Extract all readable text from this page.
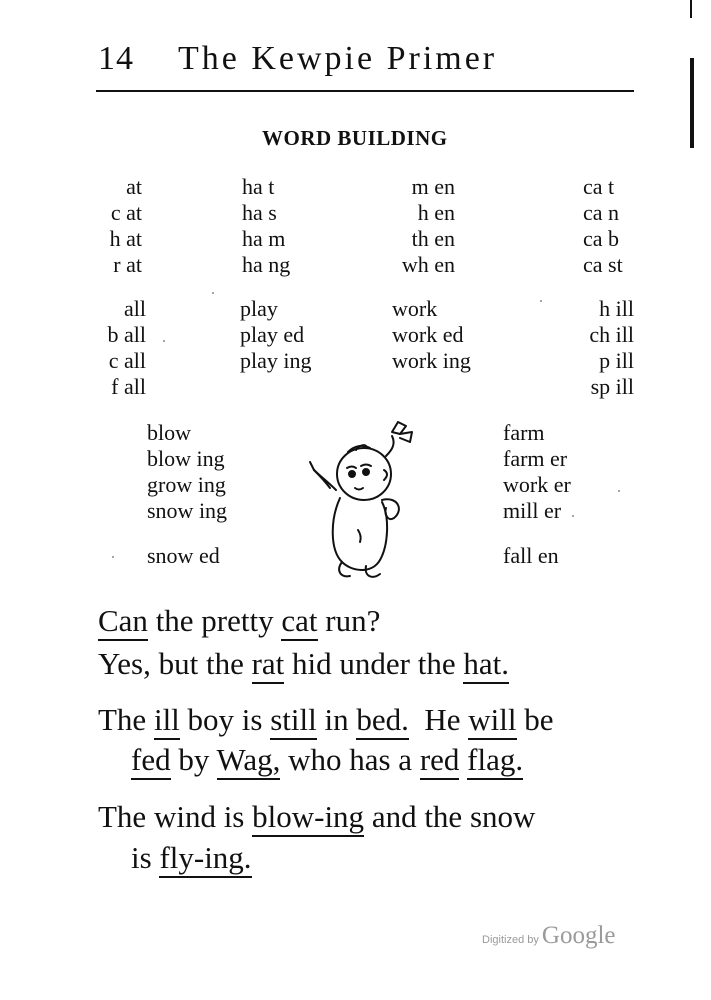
14 The Kewpie Primer
WORD BUILDING
at
c at
h at
r at
ha t
ha s
ha m
ha ng
m en
h en
th en
wh en
ca t
ca n
ca b
ca st
all
b all
c all
f all
play
play ed
play ing
work
work ed
work ing
h ill
ch ill
p ill
sp ill
blow
blow ing
grow ing
snow ing
snow ed
farm
farm er
work er
mill er
fall en
Can the pretty cat run?
Yes, but the rat hid under the hat.
The ill boy is still in bed.  He will be
fed by Wag, who has a red flag.
The wind is blow-ing and the snow
is fly-ing.
Digitized by Google
